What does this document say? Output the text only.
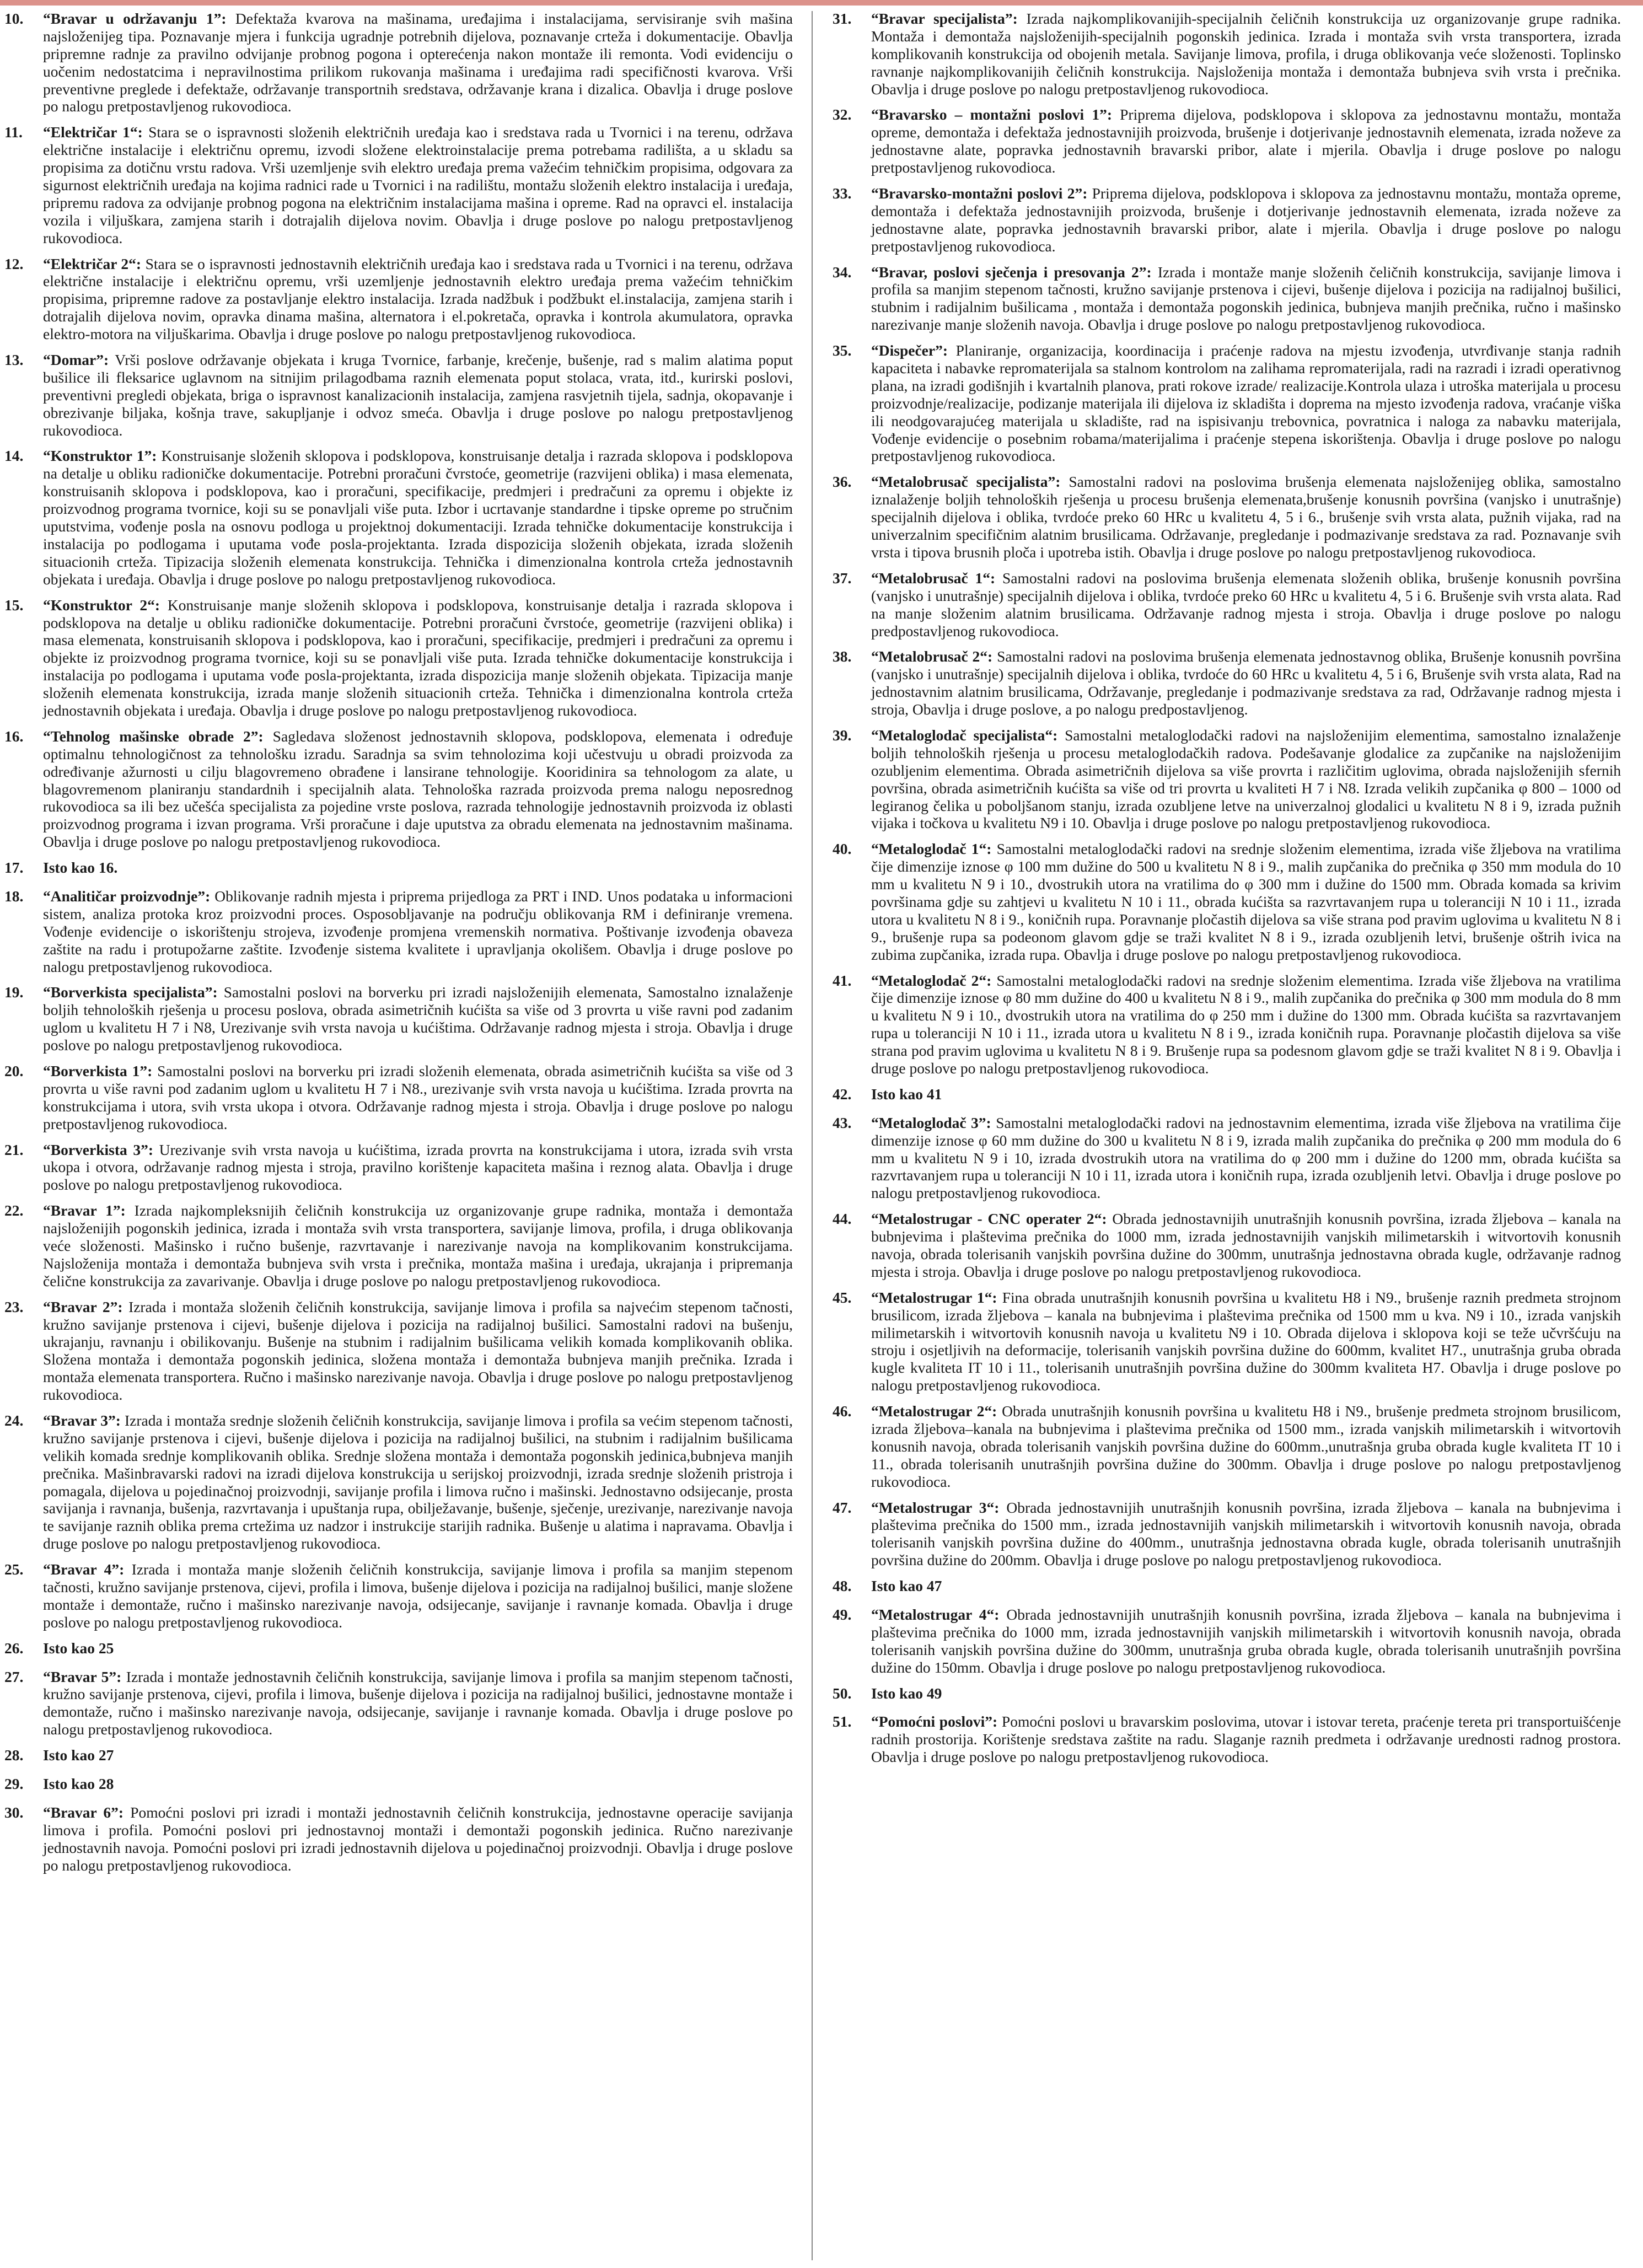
10.	“Bravar u održavanju 1”: Defektaža kvarova na mašinama, uređajima i instalacijama, servisiranje svih mašina najsloženijeg tipa. Poznavanje mjera i funkcija ugradnje potrebnih dijelova, poznavanje crteža i dokumentacije. Obavlja pripremne radnje za pravilno odvijanje probnog pogona i opterećenja nakon montaže ili remonta. Vodi evidenciju o uočenim nedostatcima i nepravilnostima prilikom rukovanja mašinama i uređajima radi specifičnosti kvarova. Vrši preventivne preglede i defektaže, održavanje transportnih sredstava, održavanje krana i dizalica. Obavlja i druge poslove po nalogu pretpostavljenog rukovodioca.
11.	“Električar 1“: Stara se o ispravnosti složenih električnih uređaja kao i sredstava rada u Tvornici i na terenu, održava električne instalacije i električnu opremu, izvodi složene elektroinstalacije prema potrebama radilišta, a u skladu sa propisima za dotičnu vrstu radova. Vrši uzemljenje svih elektro uređaja prema važećim tehničkim propisima, odgovara za sigurnost električnih uređaja na kojima radnici rade u Tvornici i na radilištu, montažu složenih elektro instalacija i uređaja, pripremu radova za odvijanje probnog pogona na električnim instalacijama mašina i opreme. Rad na opravci el. instalacija vozila i viljuškara, zamjena starih i dotrajalih dijelova novim. Obavlja i druge poslove po nalogu pretpostavljenog rukovodioca.
12.	“Električar 2“: Stara se o ispravnosti jednostavnih električnih uređaja kao i sredstava rada u Tvornici i na terenu, održava električne instalacije i električnu opremu, vrši uzemljenje jednostavnih elektro uređaja prema važećim tehničkim propisima, pripremne radove za postavljanje elektro instalacija. Izrada nadžbuk i podžbukt el.instalacija, zamjena starih i dotrajalih dijelova novim, opravka dinama mašina, alternatora i el.pokretača, opravka i kontrola akumulatora, opravka elektro-motora na viljuškarima. Obavlja i druge poslove po nalogu pretpostavljenog rukovodioca.
13.	“Domar”: Vrši poslove održavanje objekata i kruga Tvornice, farbanje, krečenje, bušenje, rad s malim alatima poput bušilice ili fleksarice uglavnom na sitnijim prilagodbama raznih elemenata poput stolaca, vrata, itd., kurirski poslovi, preventivni pregledi objekata, briga o ispravnost kanalizacionih instalacija, zamjena rasvjetnih tijela, sadnja, okopavanje i obrezivanje biljaka, košnja trave, sakupljanje i odvoz smeća. Obavlja i druge poslove po nalogu pretpostavljenog rukovodioca.
14.	“Konstruktor 1”: Konstruisanje složenih sklopova i podsklopova, konstruisanje detalja i razrada sklopova i podsklopova na detalje u obliku radioničke dokumentacije. Potrebni proračuni čvrstoće, geometrije (razvijeni oblika) i masa elemenata, konstruisanih sklopova i podsklopova, kao i proračuni, specifikacije, predmjeri i predračuni za opremu i objekte iz proizvodnog programa tvornice, koji su se ponavljali više puta. Izbor i ucrtavanje standardne i tipske opreme po stručnim uputstvima, vođenje posla na osnovu podloga u projektnoj dokumentaciji. Izrada tehničke dokumentacije konstrukcija i instalacija po podlogama i uputama vođe posla-projektanta. Izrada dispozicija složenih objekata, izrada složenih situacionih crteža. Tipizacija složenih elemenata konstrukcija. Tehnička i dimenzionalna kontrola crteža jednostavnih objekata i uređaja. Obavlja i druge poslove po nalogu pretpostavljenog rukovodioca.
15.	“Konstruktor 2“: Konstruisanje manje složenih sklopova i podsklopova, konstruisanje detalja i razrada sklopova i podsklopova na detalje u obliku radioničke dokumentacije. Potrebni proračuni čvrstoće, geometrije (razvijeni oblika) i masa elemenata, konstruisanih sklopova i podsklopova, kao i proračuni, specifikacije, predmjeri i predračuni za opremu i objekte iz proizvodnog programa tvornice, koji su se ponavljali više puta. Izrada tehničke dokumentacije konstrukcija i instalacija po podlogama i uputama vođe posla-projektanta, izrada dispozicija manje složenih objekata. Tipizacija manje složenih elemenata konstrukcija, izrada manje složenih situacionih crteža. Tehnička i dimenzionalna kontrola crteža jednostavnih objekata i uređaja. Obavlja i druge poslove po nalogu pretpostavljenog rukovodioca.
16.	“Tehnolog mašinske obrade 2”: Sagledava složenost jednostavnih sklopova, podsklopova, elemenata i određuje optimalnu tehnologičnost za tehnološku izradu. Saradnja sa svim tehnolozima koji učestvuju u obradi proizvoda za određivanje ažurnosti u cilju blagovremeno obrađene i lansirane tehnologije. Kooridinira sa tehnologom za alate, u blagovremenom planiranju standardnih i specijalnih alata. Tehnološka razrada proizvoda prema nalogu neposrednog rukovodioca sa ili bez učešća specijalista za pojedine vrste poslova, razrada tehnologije jednostavnih proizvoda iz oblasti proizvodnog programa i izvan programa. Vrši proračune i daje uputstva za obradu elemenata na jednostavnim mašinama. Obavlja i druge poslove po nalogu pretpostavljenog rukovodioca.
17.	Isto kao 16.
18.	“Analitičar proizvodnje”: Oblikovanje radnih mjesta i priprema prijedloga za PRT i IND. Unos podataka u informacioni sistem, analiza protoka kroz proizvodni proces. Osposobljavanje na području oblikovanja RM i definiranje vremena. Vođenje evidencije o iskorištenju strojeva, izvođenje promjena vremenskih normativa. Poštivanje izvođenja obaveza zaštite na radu i protupožarne zaštite. Izvođenje sistema kvalitete i upravljanja okolišem. Obavlja i druge poslove po nalogu pretpostavljenog rukovodioca.
19.	“Borverkista specijalista”: Samostalni poslovi na borverku pri izradi najsloženijih elemenata, Samostalno iznalaženje boljih tehnoloških rješenja u procesu poslova, obrada asimetričnih kućišta sa više od 3 provrta u više ravni pod zadanim uglom u kvalitetu H 7 i N8, Urezivanje svih vrsta navoja u kućištima. Održavanje radnog mjesta i stroja. Obavlja i druge poslove po nalogu pretpostavljenog rukovodioca.
20.	“Borverkista 1”: Samostalni poslovi na borverku pri izradi složenih elemenata, obrada asimetričnih kućišta sa više od 3 provrta u više ravni pod zadanim uglom u kvalitetu H 7 i N8., urezivanje svih vrsta navoja u kućištima. Izrada provrta na konstrukcijama i utora, svih vrsta ukopa i otvora. Održavanje radnog mjesta i stroja. Obavlja i druge poslove po nalogu pretpostavljenog rukovodioca.
21.	“Borverkista 3”: Urezivanje svih vrsta navoja u kućištima, izrada provrta na konstrukcijama i utora, izrada svih vrsta ukopa i otvora, održavanje radnog mjesta i stroja, pravilno korištenje kapaciteta mašina i reznog alata. Obavlja i druge poslove po nalogu pretpostavljenog rukovodioca.
22.	“Bravar 1”: Izrada najkompleksnijih čeličnih konstrukcija uz organizovanje grupe radnika, montaža i demontaža najsloženijih pogonskih jedinica, izrada i montaža svih vrsta transportera, savijanje limova, profila, i druga oblikovanja veće složenosti. Mašinsko i ručno bušenje, razvrtavanje i narezivanje navoja na komplikovanim konstrukcijama. Najsloženija montaža i demontaža bubnjeva svih vrsta i prečnika, montaža mašina i uređaja, ukrajanja i pripremanja čelične konstrukcija za zavarivanje. Obavlja i druge poslove po nalogu pretpostavljenog rukovodioca.
23.	“Bravar 2”: Izrada i montaža složenih čeličnih konstrukcija, savijanje limova i profila sa najvećim stepenom tačnosti, kružno savijanje prstenova i cijevi, bušenje dijelova i pozicija na radijalnoj bušilici. Samostalni radovi na bušenju, ukrajanju, ravnanju i obilikovanju. Bušenje na stubnim i radijalnim bušilicama velikih komada komplikovanih oblika. Složena montaža i demontaža pogonskih jedinica, složena montaža i demontaža bubnjeva manjih prečnika. Izrada i montaža elemenata transportera. Ručno i mašinsko narezivanje navoja. Obavlja i druge poslove po nalogu pretpostavljenog rukovodioca.
24.	“Bravar 3”: Izrada i montaža srednje složenih čeličnih konstrukcija, savijanje limova i profila sa većim stepenom tačnosti, kružno savijanje prstenova i cijevi, bušenje dijelova i pozicija na radijalnoj bušilici, na stubnim i radijalnim bušilicama velikih komada srednje komplikovanih oblika. Srednje složena montaža i demontaža pogonskih jedinica,bubnjeva manjih prečnika. Mašinbravarski radovi na izradi dijelova konstrukcija u serijskoj proizvodnji, izrada srednje složenih pristroja i pomagala, dijelova u pojedinačnoj proizvodnji, savijanje profila i limova ručno i mašinski. Jednostavno odsijecanje, prosta savijanja i ravnanja, bušenja, razvrtavanja i upuštanja rupa, obilježavanje, bušenje, sječenje, urezivanje, narezivanje navoja te savijanje raznih oblika prema crtežima uz nadzor i instrukcije starijih radnika. Bušenje u alatima i napravama. Obavlja i druge poslove po nalogu pretpostavljenog rukovodioca.
25.	“Bravar 4”: Izrada i montaža manje složenih čeličnih konstrukcija, savijanje limova i profila sa manjim stepenom tačnosti, kružno savijanje prstenova, cijevi, profila i limova, bušenje dijelova i pozicija na radijalnoj bušilici, manje složene montaže i demontaže, ručno i mašinsko narezivanje navoja, odsijecanje, savijanje i ravnanje komada. Obavlja i druge poslove po nalogu pretpostavljenog rukovodioca.
26.	Isto kao 25
27.	“Bravar 5”: Izrada i montaže jednostavnih čeličnih konstrukcija, savijanje limova i profila sa manjim stepenom tačnosti, kružno savijanje prstenova, cijevi, profila i limova, bušenje dijelova i pozicija na radijalnoj bušilici, jednostavne montaže i demontaže, ručno i mašinsko narezivanje navoja, odsijecanje, savijanje i ravnanje komada. Obavlja i druge poslove po nalogu pretpostavljenog rukovodioca.
28.	Isto kao 27
29.	Isto kao 28
30.	“Bravar 6”: Pomoćni poslovi pri izradi i montaži jednostavnih čeličnih konstrukcija, jednostavne operacije savijanja limova i profila. Pomoćni poslovi pri jednostavnoj montaži i demontaži pogonskih jedinica. Ručno narezivanje jednostavnih navoja. Pomoćni poslovi pri izradi jednostavnih dijelova u pojedinačnoj proizvodnji. Obavlja i druge poslove po nalogu pretpostavljenog rukovodioca.
31.	“Bravar specijalista”: Izrada najkomplikovanijih-specijalnih čeličnih konstrukcija uz organizovanje grupe radnika. Montaža i demontaža najsloženijih-specijalnih pogonskih jedinica. Izrada i montaža svih vrsta transportera, izrada komplikovanih konstrukcija od obojenih metala. Savijanje limova, profila, i druga oblikovanja veće složenosti. Toplinsko ravnanje najkomplikovanijih čeličnih konstrukcija. Najsloženija montaža i demontaža bubnjeva svih vrsta i prečnika. Obavlja i druge poslove po nalogu pretpostavljenog rukovodioca.
32.	“Bravarsko – montažni poslovi 1”: Priprema dijelova, podsklopova i sklopova za jednostavnu montažu, montaža opreme, demontaža i defektaža jednostavnijih proizvoda, brušenje i dotjerivanje jednostavnih elemenata, izrada noževe za jednostavne alate, popravka jednostavnih bravarski pribor, alate i mjerila. Obavlja i druge poslove po nalogu pretpostavljenog rukovodioca.
33.	“Bravarsko-montažni poslovi 2”: Priprema dijelova, podsklopova i sklopova za jednostavnu montažu, montaža opreme, demontaža i defektaža jednostavnijih proizvoda, brušenje i dotjerivanje jednostavnih elemenata, izrada noževe za jednostavne alate, popravka jednostavnih bravarski pribor, alate i mjerila. Obavlja i druge poslove po nalogu pretpostavljenog rukovodioca.
34.	“Bravar, poslovi sječenja i presovanja 2”: Izrada i montaže manje složenih čeličnih konstrukcija, savijanje limova i profila sa manjim stepenom tačnosti, kružno savijanje prstenova i cijevi, bušenje dijelova i pozicija na radijalnoj bušilici, stubnim i radijalnim bušilicama , montaža i demontaža pogonskih jedinica, bubnjeva manjih prečnika, ručno i mašinsko narezivanje manje složenih navoja. Obavlja i druge poslove po nalogu pretpostavljenog rukovodioca.
35.	“Dispečer”: Planiranje, organizacija, koordinacija i praćenje radova na mjestu izvođenja, utvrđivanje stanja radnih kapaciteta i nabavke repromaterijala sa stalnom kontrolom na zalihama repromaterijala, radi na razradi i izradi operativnog plana, na izradi godišnjih i kvartalnih planova, prati rokove izrade/ realizacije.Kontrola ulaza i utroška materijala u procesu proizvodnje/realizacije, podizanje materijala ili dijelova iz skladišta i doprema na mjesto izvođenja radova, vraćanje viška ili neodgovarajućeg materijala u skladište, rad na ispisivanju trebovnica, povratnica i naloga za nabavku materijala, Vođenje evidencije o posebnim robama/materijalima i praćenje stepena iskorištenja. Obavlja i druge poslove po nalogu pretpostavljenog rukovodioca.
36.	“Metalobrusač specijalista”: Samostalni radovi na poslovima brušenja elemenata najsloženijeg oblika, samostalno iznalaženje boljih tehnoloških rješenja u procesu brušenja elemenata,brušenje konusnih površina (vanjsko i unutrašnje) specijalnih dijelova i oblika, tvrdoće preko 60 HRc u kvalitetu 4, 5 i 6., brušenje svih vrsta alata, pužnih vijaka, rad na univerzalnim specifičnim alatnim brusilicama. Održavanje, pregledanje i podmazivanje sredstava za rad. Poznavanje svih vrsta i tipova brusnih ploča i upotreba istih. Obavlja i druge poslove po nalogu pretpostavljenog rukovodioca.
37.	“Metalobrusač 1“: Samostalni radovi na poslovima brušenja elemenata složenih oblika, brušenje konusnih površina (vanjsko i unutrašnje) specijalnih dijelova i oblika, tvrdoće preko 60 HRc u kvalitetu 4, 5 i 6. Brušenje svih vrsta alata. Rad na manje složenim alatnim brusilicama. Održavanje radnog mjesta i stroja. Obavlja i druge poslove po nalogu predpostavljenog rukovodioca.
38.	“Metalobrusač 2“: Samostalni radovi na poslovima brušenja elemenata jednostavnog oblika, Brušenje konusnih površina (vanjsko i unutrašnje) specijalnih dijelova i oblika, tvrdoće do 60 HRc u kvalitetu 4, 5 i 6, Brušenje svih vrsta alata, Rad na jednostavnim alatnim brusilicama, Održavanje, pregledanje i podmazivanje sredstava za rad, Održavanje radnog mjesta i stroja, Obavlja i druge poslove, a po nalogu predpostavljenog.
39.	“Metaloglodač specijalista“: Samostalni metaloglodački radovi na najsloženijim elementima, samostalno iznalaženje boljih tehnoloških rješenja u procesu metaloglodačkih radova. Podešavanje glodalice za zupčanike na najsloženijim ozubljenim elementima. Obrada asimetričnih dijelova sa više provrta i različitim uglovima, obrada najsloženijih sfernih površina, obrada asimetričnih kućišta sa više od tri provrta u kvaliteti H 7 i N8. Izrada velikih zupčanika φ 800 – 1000 od legiranog čelika u poboljšanom stanju, izrada ozubljene letve na univerzalnoj glodalici u kvalitetu N 8 i 9, izrada pužnih vijaka i točkova u kvalitetu N9 i 10. Obavlja i druge poslove po nalogu pretpostavljenog rukovodioca.
40.	“Metaloglodač 1“: Samostalni metaloglodački radovi na srednje složenim elementima, izrada više žljebova na vratilima čije dimenzije iznose φ 100 mm dužine do 500 u kvalitetu N 8 i 9., malih zupčanika do prečnika φ 350 mm modula do 10 mm u kvalitetu N 9 i 10., dvostrukih utora na vratilima do φ 300 mm i dužine do 1500 mm. Obrada komada sa krivim površinama gdje su zahtjevi u kvalitetu N 10 i 11., obrada kućišta sa razvrtavanjem rupa u toleranciji N 10 i 11., izrada utora u kvalitetu N 8 i 9., koničnih rupa. Poravnanje pločastih dijelova sa više strana pod pravim uglovima u kvalitetu N 8 i 9., brušenje rupa sa podeonom glavom gdje se traži kvalitet N 8 i 9., izrada ozubljenih letvi, brušenje oštrih ivica na zubima zupčanika, izrada rupa. Obavlja i druge poslove po nalogu pretpostavljenog rukovodioca.
41.	“Metaloglodač 2“: Samostalni metaloglodački radovi na srednje složenim elementima. Izrada više žljebova na vratilima čije dimenzije iznose φ 80 mm dužine do 400 u kvalitetu N 8 i 9., malih zupčanika do prečnika φ 300 mm modula do 8 mm u kvalitetu N 9 i 10., dvostrukih utora na vratilima do φ 250 mm i dužine do 1300 mm. Obrada kućišta sa razvrtavanjem rupa u toleranciji N 10 i 11., izrada utora u kvalitetu N 8 i 9., izrada koničnih rupa. Poravnanje pločastih dijelova sa više strana pod pravim uglovima u kvalitetu N 8 i 9. Brušenje rupa sa podesnom glavom gdje se traži kvalitet N 8 i 9. Obavlja i druge poslove po nalogu pretpostavljenog rukovodioca.
42.	Isto kao 41
43.	“Metaloglodač 3”: Samostalni metaloglodački radovi na jednostavnim elementima, izrada više žljebova na vratilima čije dimenzije iznose φ 60 mm dužine do 300 u kvalitetu N 8 i 9, izrada malih zupčanika do prečnika φ 200 mm modula do 6 mm u kvalitetu N 9 i 10, izrada dvostrukih utora na vratilima do φ 200 mm i dužine do 1200 mm, obrada kućišta sa razvrtavanjem rupa u toleranciji N 10 i 11, izrada utora i koničnih rupa, izrada ozubljenih letvi. Obavlja i druge poslove po nalogu pretpostavljenog rukovodioca.
44.	“Metalostrugar - CNC operater 2“: Obrada jednostavnijih unutrašnjih konusnih površina, izrada žljebova – kanala na bubnjevima i plaštevima prečnika do 1000 mm, izrada jednostavnijih vanjskih milimetarskih i witvortovih konusnih navoja, obrada tolerisanih vanjskih površina dužine do 300mm, unutrašnja jednostavna obrada kugle, održavanje radnog mjesta i stroja. Obavlja i druge poslove po nalogu pretpostavljenog rukovodioca.
45.	“Metalostrugar 1“: Fina obrada unutrašnjih konusnih površina u kvalitetu H8 i N9., brušenje raznih predmeta strojnom brusilicom, izrada žljebova – kanala na bubnjevima i plaštevima prečnika od 1500 mm u kva. N9 i 10., izrada vanjskih milimetarskih i witvortovih konusnih navoja u kvalitetu N9 i 10. Obrada dijelova i sklopova koji se teže učvršćuju na stroju i osjetljivih na deformacije, tolerisanih vanjskih površina dužine do 600mm, kvalitet H7., unutrašnja gruba obrada kugle kvaliteta IT 10 i 11., tolerisanih unutrašnjih površina dužine do 300mm kvaliteta H7. Obavlja i druge poslove po nalogu pretpostavljenog rukovodioca.
46.	“Metalostrugar 2“: Obrada unutrašnjih konusnih površina u kvalitetu H8 i N9., brušenje predmeta strojnom brusilicom, izrada žljebova–kanala na bubnjevima i plaštevima prečnika od 1500 mm., izrada vanjskih milimetarskih i witvortovih konusnih navoja, obrada tolerisanih vanjskih površina dužine do 600mm.,unutrašnja gruba obrada kugle kvaliteta IT 10 i 11., obrada tolerisanih unutrašnjih površina dužine do 300mm. Obavlja i druge poslove po nalogu pretpostavljenog rukovodioca.
47.	“Metalostrugar 3“: Obrada jednostavnijih unutrašnjih konusnih površina, izrada žljebova – kanala na bubnjevima i plaštevima prečnika do 1500 mm., izrada jednostavnijih vanjskih milimetarskih i witvortovih konusnih navoja, obrada tolerisanih vanjskih površina dužine do 400mm., unutrašnja jednostavna obrada kugle, obrada tolerisanih unutrašnjih površina dužine do 200mm. Obavlja i druge poslove po nalogu pretpostavljenog rukovodioca.
48.	Isto kao 47
49.	“Metalostrugar 4“: Obrada jednostavnijih unutrašnjih konusnih površina, izrada žljebova – kanala na bubnjevima i plaštevima prečnika do 1000 mm, izrada jednostavnijih vanjskih milimetarskih i witvortovih konusnih navoja, obrada tolerisanih vanjskih površina dužine do 300mm, unutrašnja gruba obrada kugle, obrada tolerisanih unutrašnjih površina dužine do 150mm. Obavlja i druge poslove po nalogu pretpostavljenog rukovodioca.
50.	Isto kao 49
51.	“Pomoćni poslovi”: Pomoćni poslovi u bravarskim poslovima, utovar i istovar tereta, praćenje tereta pri transportuišćenje radnih prostorija. Korištenje sredstava zaštite na radu. Slaganje raznih predmeta i održavanje urednosti radnog prostora. Obavlja i druge poslove po nalogu pretpostavljenog rukovodioca.
